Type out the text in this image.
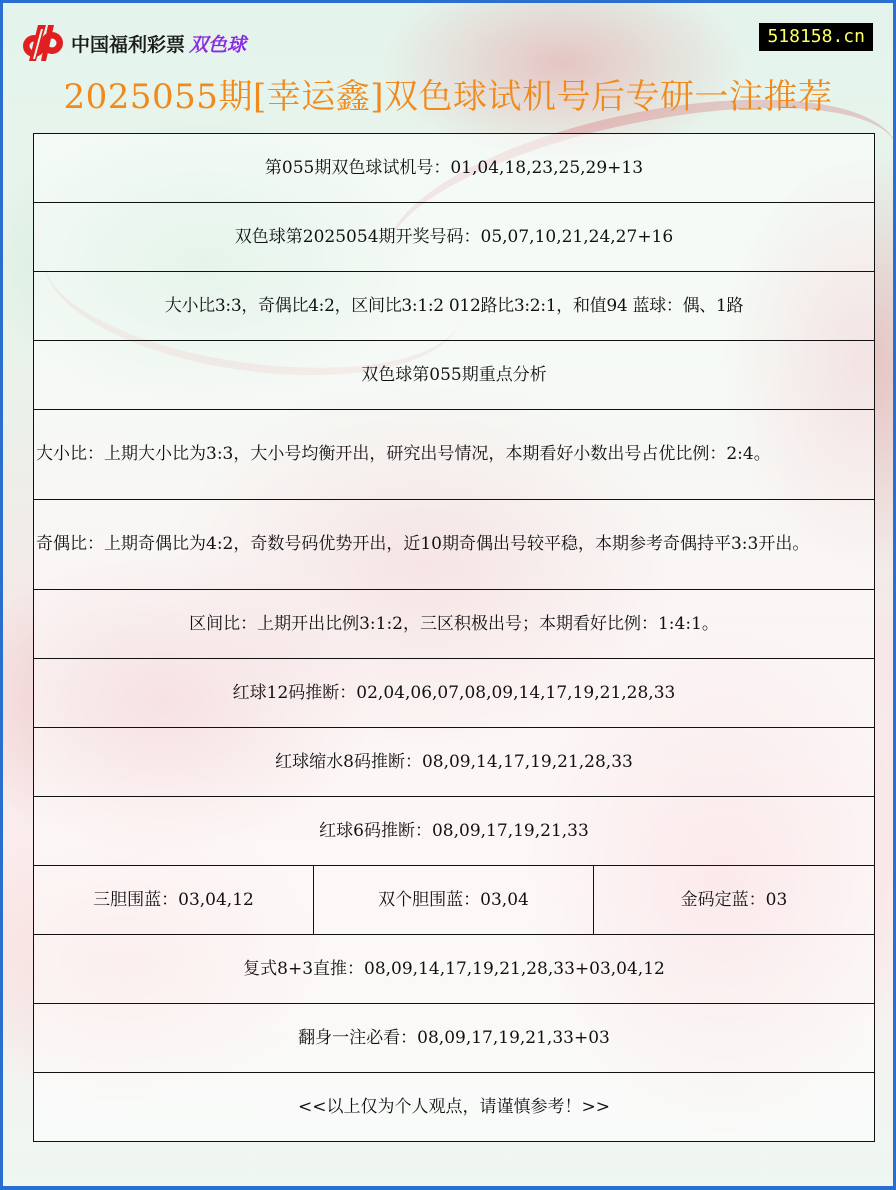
中国福利彩票 双色球	518158.cn
2025055期[幸运鑫]双色球试机号后专研一注推荐
第055期双色球试机号：01,04,18,23,25,29+13
双色球第2025054期开奖号码：05,07,10,21,24,27+16
大小比3:3，奇偶比4:2，区间比3:1:2 012路比3:2:1，和值94 蓝球：偶、1路
双色球第055期重点分析
大小比：上期大小比为3:3，大小号均衡开出，研究出号情况，本期看好小数出号占优比例：2:4。
奇偶比：上期奇偶比为4:2，奇数号码优势开出，近10期奇偶出号较平稳，本期参考奇偶持平3:3开出。
区间比：上期开出比例3:1:2，三区积极出号；本期看好比例：1:4:1。
红球12码推断：02,04,06,07,08,09,14,17,19,21,28,33
红球缩水8码推断：08,09,14,17,19,21,28,33
红球6码推断：08,09,17,19,21,33
三胆围蓝：03,04,12	双个胆围蓝：03,04	金码定蓝：03
复式8+3直推：08,09,14,17,19,21,28,33+03,04,12
翻身一注必看：08,09,17,19,21,33+03
<<以上仅为个人观点，请谨慎参考！>>
